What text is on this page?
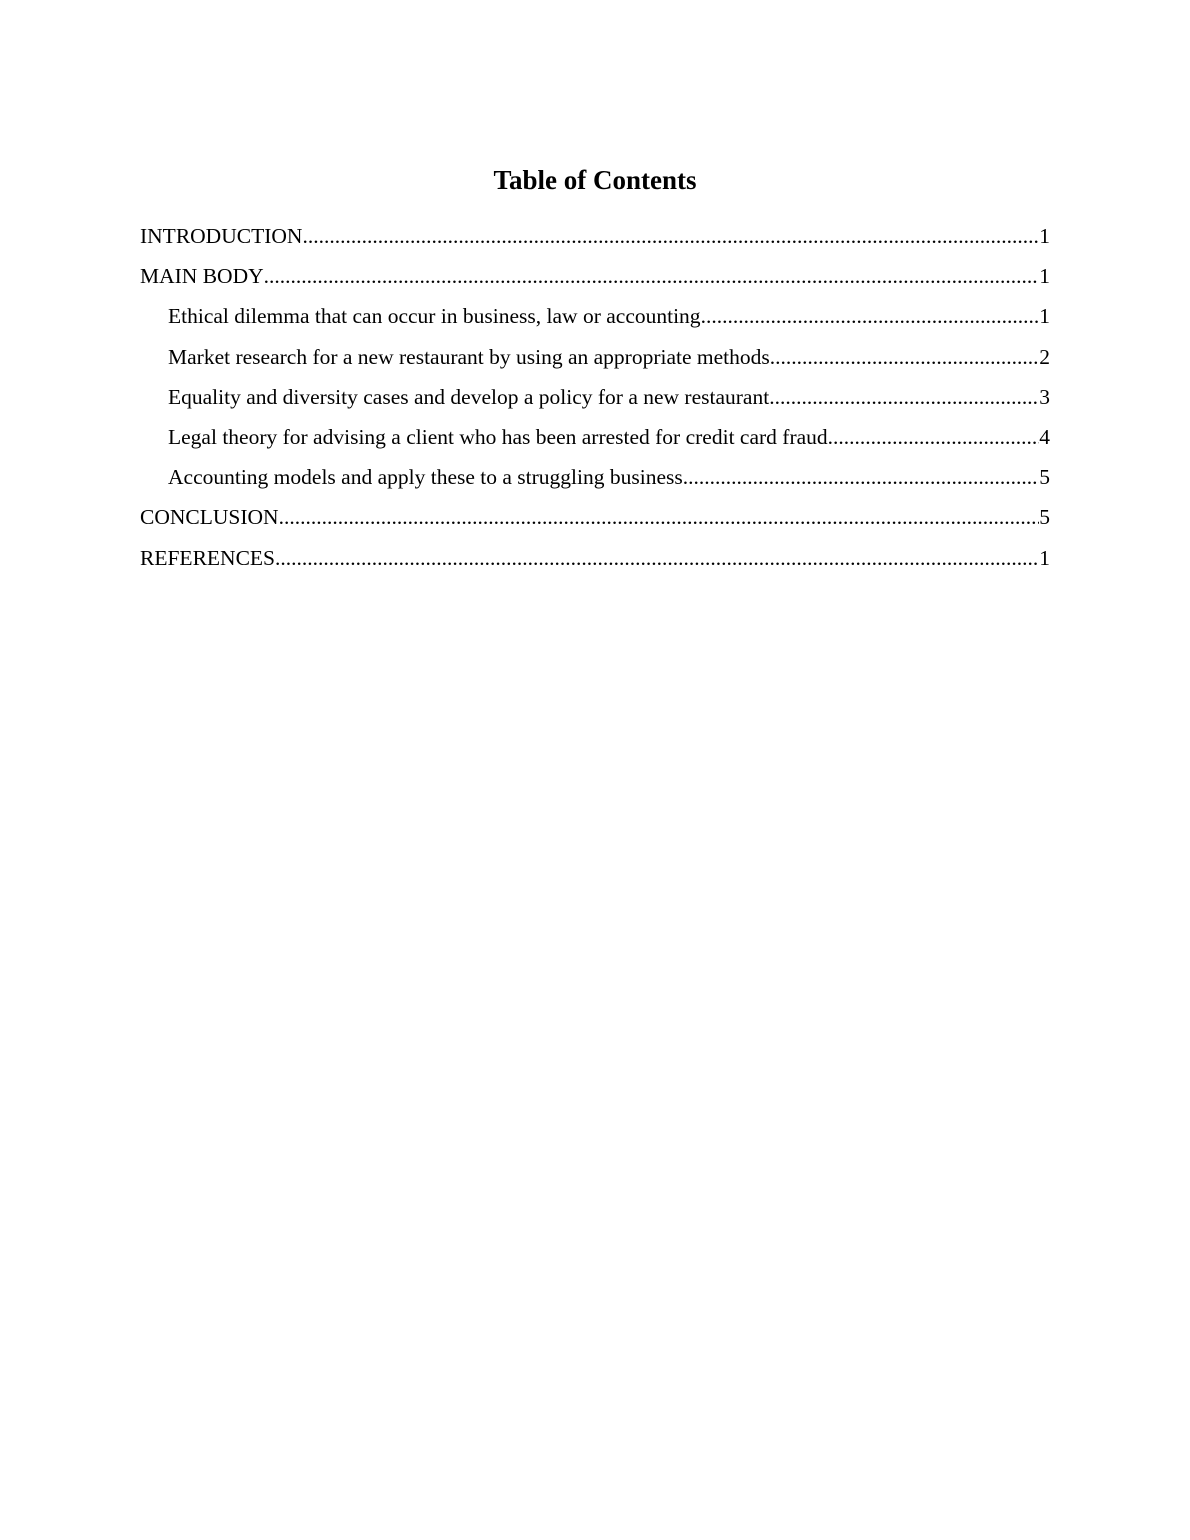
Table of Contents
INTRODUCTION .....	1
MAIN BODY .....	1
Ethical dilemma that can occur in business, law or accounting .....	1
Market research for a new restaurant by using an appropriate methods .....	2
Equality and diversity cases and develop a policy for a new restaurant .....	3
Legal theory for advising a client who has been arrested for credit card fraud .....	4
Accounting models and apply these to a struggling business .....	5
CONCLUSION .....	5
REFERENCES .....	1
